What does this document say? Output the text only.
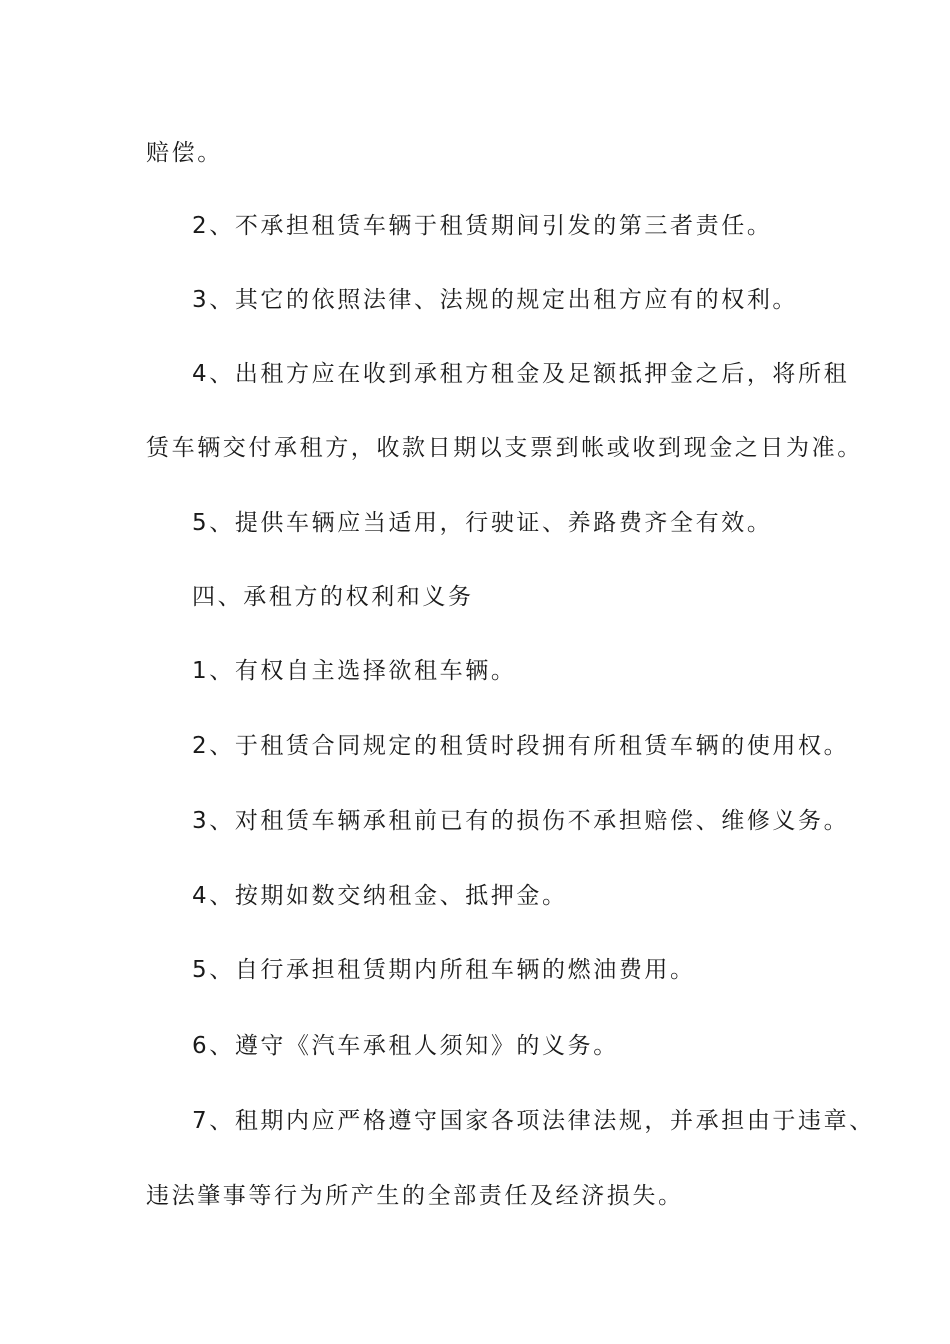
赔偿。
2、不承担租赁车辆于租赁期间引发的第三者责任。
3、其它的依照法律、法规的规定出租方应有的权利。
4、出租方应在收到承租方租金及足额抵押金之后，将所租
赁车辆交付承租方，收款日期以支票到帐或收到现金之日为准。
5、提供车辆应当适用，行驶证、养路费齐全有效。
四、承租方的权利和义务
1、有权自主选择欲租车辆。
2、于租赁合同规定的租赁时段拥有所租赁车辆的使用权。
3、对租赁车辆承租前已有的损伤不承担赔偿、维修义务。
4、按期如数交纳租金、抵押金。
5、自行承担租赁期内所租车辆的燃油费用。
6、遵守《汽车承租人须知》的义务。
7、租期内应严格遵守国家各项法律法规，并承担由于违章、
违法肇事等行为所产生的全部责任及经济损失。
